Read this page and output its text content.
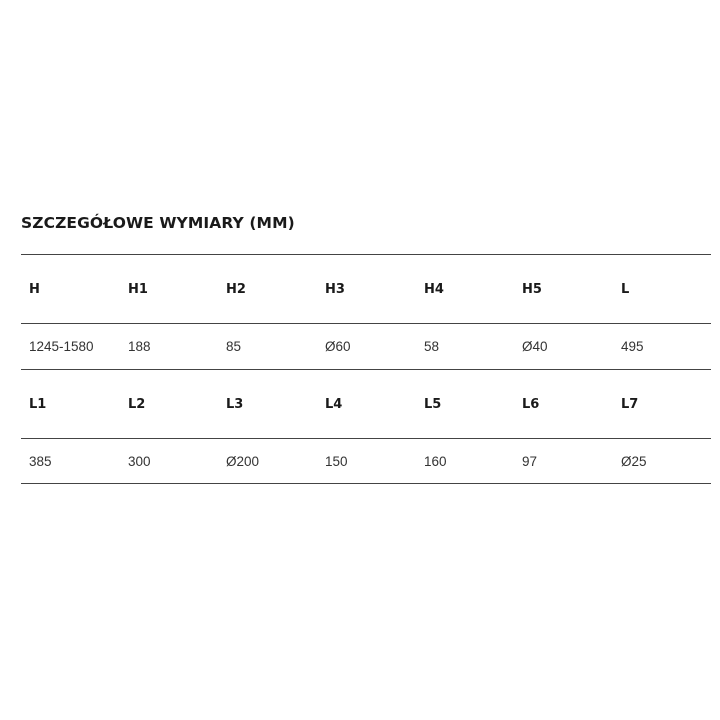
SZCZEGÓŁOWE WYMIARY (MM)
H	H1	H2	H3	H4	H5	L
1245-1580	188	85	Ø60	58	Ø40	495
L1	L2	L3	L4	L5	L6	L7
385	300	Ø200	150	160	97	Ø25
